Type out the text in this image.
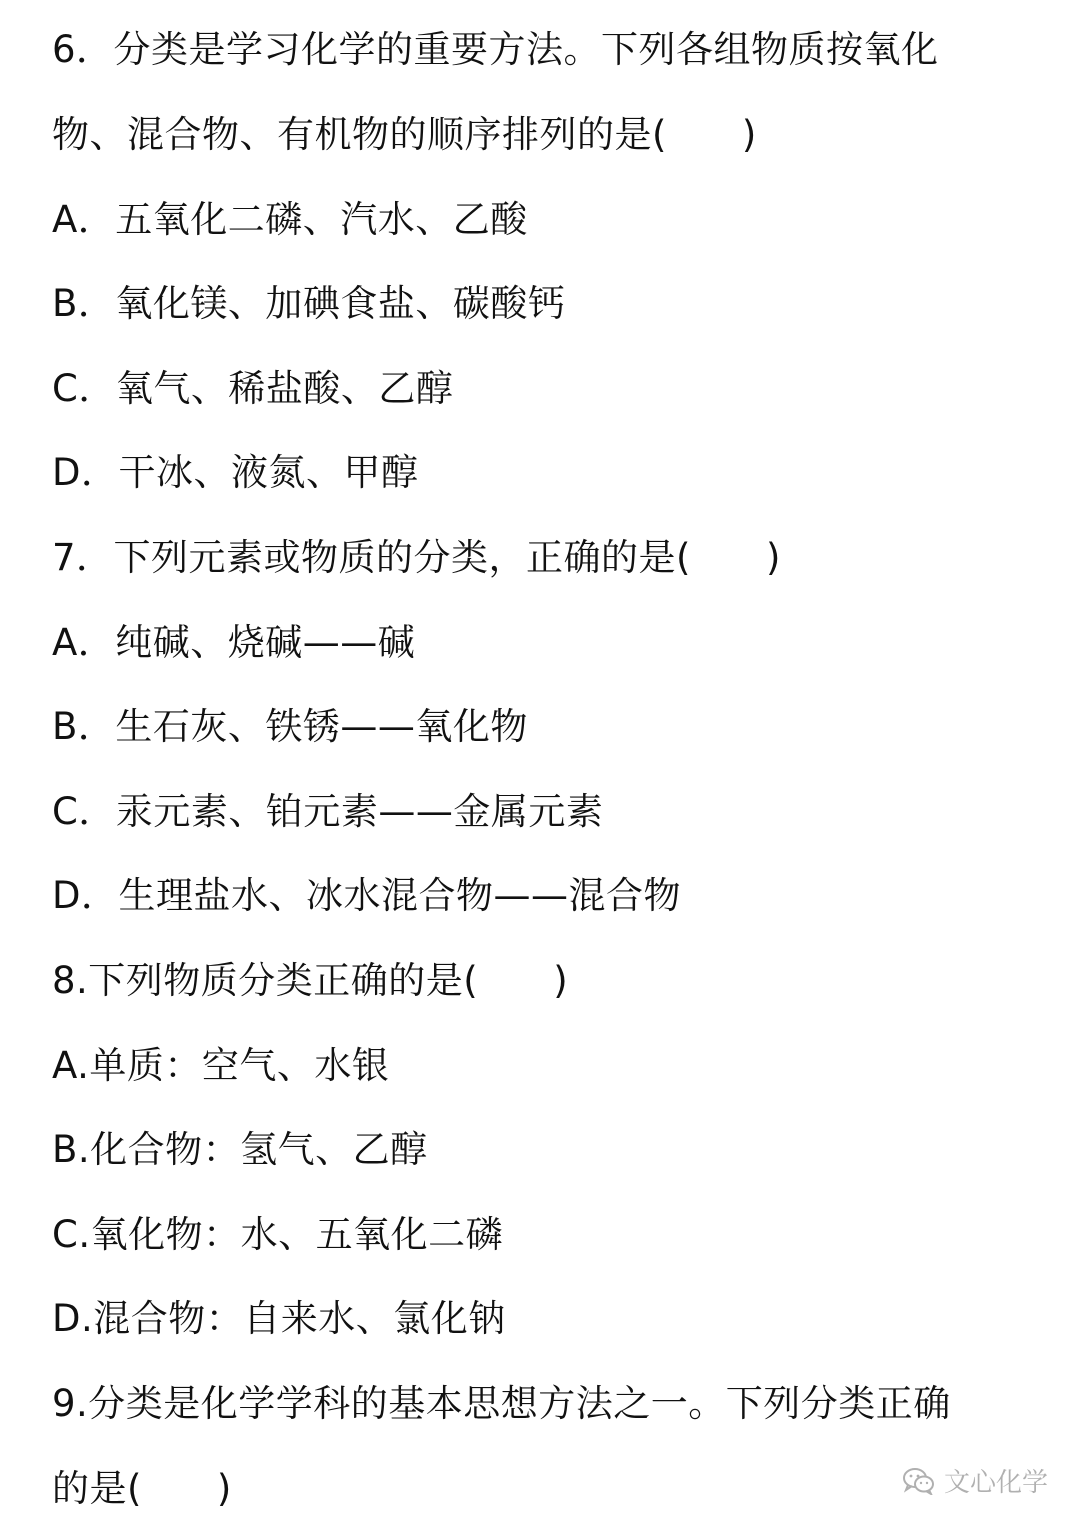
6．分类是学习化学的重要方法。下列各组物质按氧化
物、混合物、有机物的顺序排列的是(　　)
A．五氧化二磷、汽水、乙酸
B．氧化镁、加碘食盐、碳酸钙
C．氧气、稀盐酸、乙醇
D．干冰、液氮、甲醇
7．下列元素或物质的分类，正确的是(　　)
A．纯碱、烧碱——碱
B．生石灰、铁锈——氧化物
C．汞元素、铂元素——金属元素
D．生理盐水、冰水混合物——混合物
8.下列物质分类正确的是(　　)
A.单质：空气、水银
B.化合物：氢气、乙醇
C.氧化物：水、五氧化二磷
D.混合物：自来水、氯化钠
9.分类是化学学科的基本思想方法之一。下列分类正确
的是(　　)	文心化学
